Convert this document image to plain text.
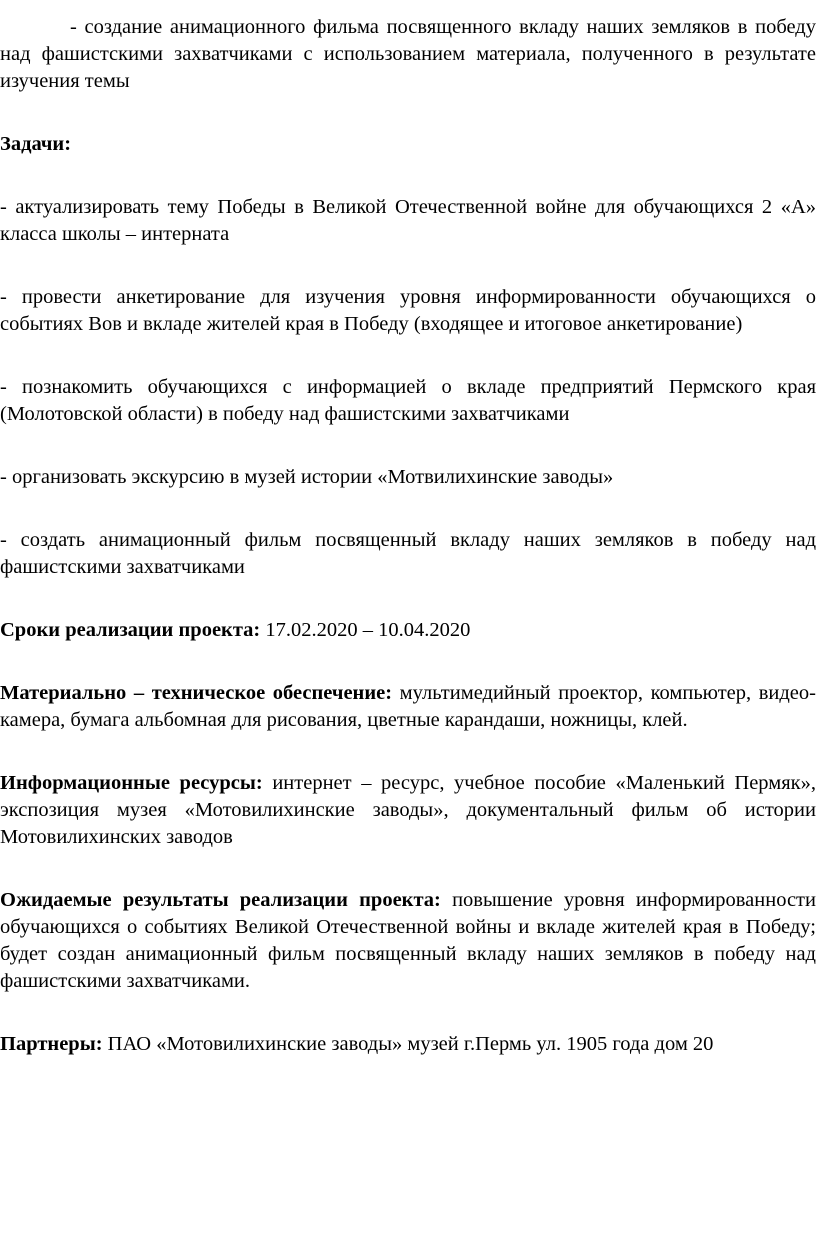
- создание анимационного фильма посвященного вкладу наших земляков в победу над фашистскими захватчиками с использованием материала, полученного в результате изучения темы

Задачи:

- актуализировать тему Победы в Великой Отечественной войне для обучающихся 2 «А» класса школы – интерната

- провести анкетирование для изучения уровня информированности обучающихся о событиях Вов и вкладе жителей края в Победу (входящее и итоговое анкетирование)

- познакомить обучающихся с информацией о вкладе предприятий Пермского края (Молотовской области) в победу над фашистскими захватчиками

- организовать экскурсию в музей истории «Мотвилихинские заводы»

- создать анимационный фильм посвященный вкладу наших земляков в победу над фашистскими захватчиками

Сроки реализации проекта: 17.02.2020 – 10.04.2020

Материально – техническое обеспечение: мультимедийный проектор, компьютер, видео-камера, бумага альбомная для рисования, цветные карандаши, ножницы, клей.

Информационные ресурсы: интернет – ресурс, учебное пособие «Маленький Пермяк», экспозиция музея «Мотовилихинские заводы», документальный фильм об истории Мотовилихинских заводов

Ожидаемые результаты реализации проекта: повышение уровня информированности обучающихся о событиях Великой Отечественной войны и вкладе жителей края в Победу; будет создан анимационный фильм посвященный вкладу наших земляков в победу над фашистскими захватчиками.

Партнеры: ПАО «Мотовилихинские заводы» музей г.Пермь ул. 1905 года дом 20
